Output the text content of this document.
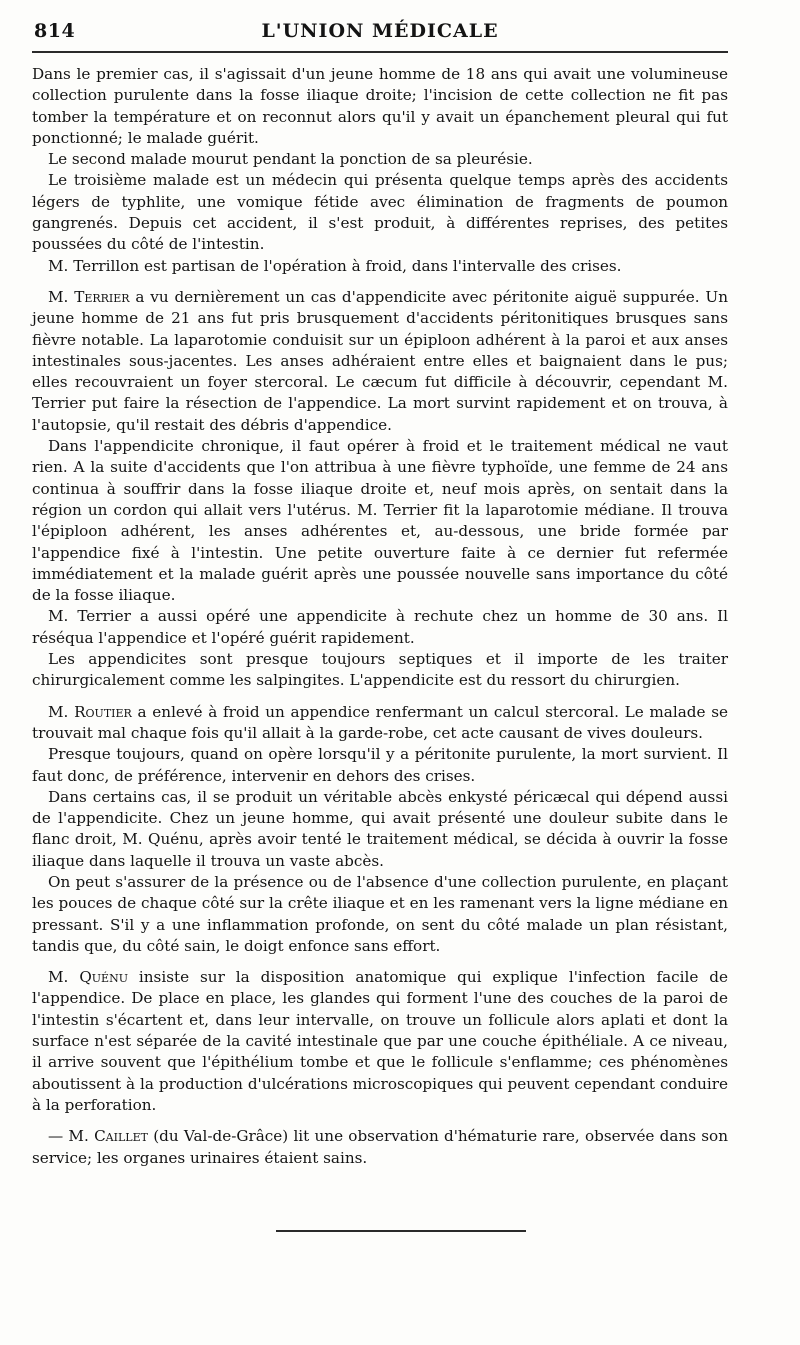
814	L'UNION MÉDICALE

Dans le premier cas, il s'agissait d'un jeune homme de 18 ans qui avait une volumineuse collection purulente dans la fosse iliaque droite; l'incision de cette collection ne fit pas tomber la température et on reconnut alors qu'il y avait un épanchement pleural qui fut ponctionné; le malade guérit.

Le second malade mourut pendant la ponction de sa pleurésie.

Le troisième malade est un médecin qui présenta quelque temps après des accidents légers de typhlite, une vomique fétide avec élimination de fragments de poumon gangrenés. Depuis cet accident, il s'est produit, à différentes reprises, des petites poussées du côté de l'intestin.

M. Terrillon est partisan de l'opération à froid, dans l'intervalle des crises.

M. Terrier a vu dernièrement un cas d'appendicite avec péritonite aiguë suppurée. Un jeune homme de 21 ans fut pris brusquement d'accidents péritonitiques brusques sans fièvre notable. La laparotomie conduisit sur un épiploon adhérent à la paroi et aux anses intestinales sous-jacentes. Les anses adhéraient entre elles et baignaient dans le pus; elles recouvraient un foyer stercoral. Le cæcum fut difficile à découvrir, cependant M. Terrier put faire la résection de l'appendice. La mort survint rapidement et on trouva, à l'autopsie, qu'il restait des débris d'appendice.

Dans l'appendicite chronique, il faut opérer à froid et le traitement médical ne vaut rien. A la suite d'accidents que l'on attribua à une fièvre typhoïde, une femme de 24 ans continua à souffrir dans la fosse iliaque droite et, neuf mois après, on sentait dans la région un cordon qui allait vers l'utérus. M. Terrier fit la laparotomie médiane. Il trouva l'épiploon adhérent, les anses adhérentes et, au-dessous, une bride formée par l'appendice fixé à l'intestin. Une petite ouverture faite à ce dernier fut refermée immédiatement et la malade guérit après une poussée nouvelle sans importance du côté de la fosse iliaque.

M. Terrier a aussi opéré une appendicite à rechute chez un homme de 30 ans. Il réséqua l'appendice et l'opéré guérit rapidement.

Les appendicites sont presque toujours septiques et il importe de les traiter chirurgicalement comme les salpingites. L'appendicite est du ressort du chirurgien.

M. Routier a enlevé à froid un appendice renfermant un calcul stercoral. Le malade se trouvait mal chaque fois qu'il allait à la garde-robe, cet acte causant de vives douleurs.

Presque toujours, quand on opère lorsqu'il y a péritonite purulente, la mort survient. Il faut donc, de préférence, intervenir en dehors des crises.

Dans certains cas, il se produit un véritable abcès enkysté péricæcal qui dépend aussi de l'appendicite. Chez un jeune homme, qui avait présenté une douleur subite dans le flanc droit, M. Quénu, après avoir tenté le traitement médical, se décida à ouvrir la fosse iliaque dans laquelle il trouva un vaste abcès.

On peut s'assurer de la présence ou de l'absence d'une collection purulente, en plaçant les pouces de chaque côté sur la crête iliaque et en les ramenant vers la ligne médiane en pressant. S'il y a une inflammation profonde, on sent du côté malade un plan résistant, tandis que, du côté sain, le doigt enfonce sans effort.

M. Quénu insiste sur la disposition anatomique qui explique l'infection facile de l'appendice. De place en place, les glandes qui forment l'une des couches de la paroi de l'intestin s'écartent et, dans leur intervalle, on trouve un follicule alors aplati et dont la surface n'est séparée de la cavité intestinale que par une couche épithéliale. A ce niveau, il arrive souvent que l'épithélium tombe et que le follicule s'enflamme; ces phénomènes aboutissent à la production d'ulcérations microscopiques qui peuvent cependant conduire à la perforation.

— M. Caillet (du Val-de-Grâce) lit une observation d'hématurie rare, observée dans son service; les organes urinaires étaient sains.
